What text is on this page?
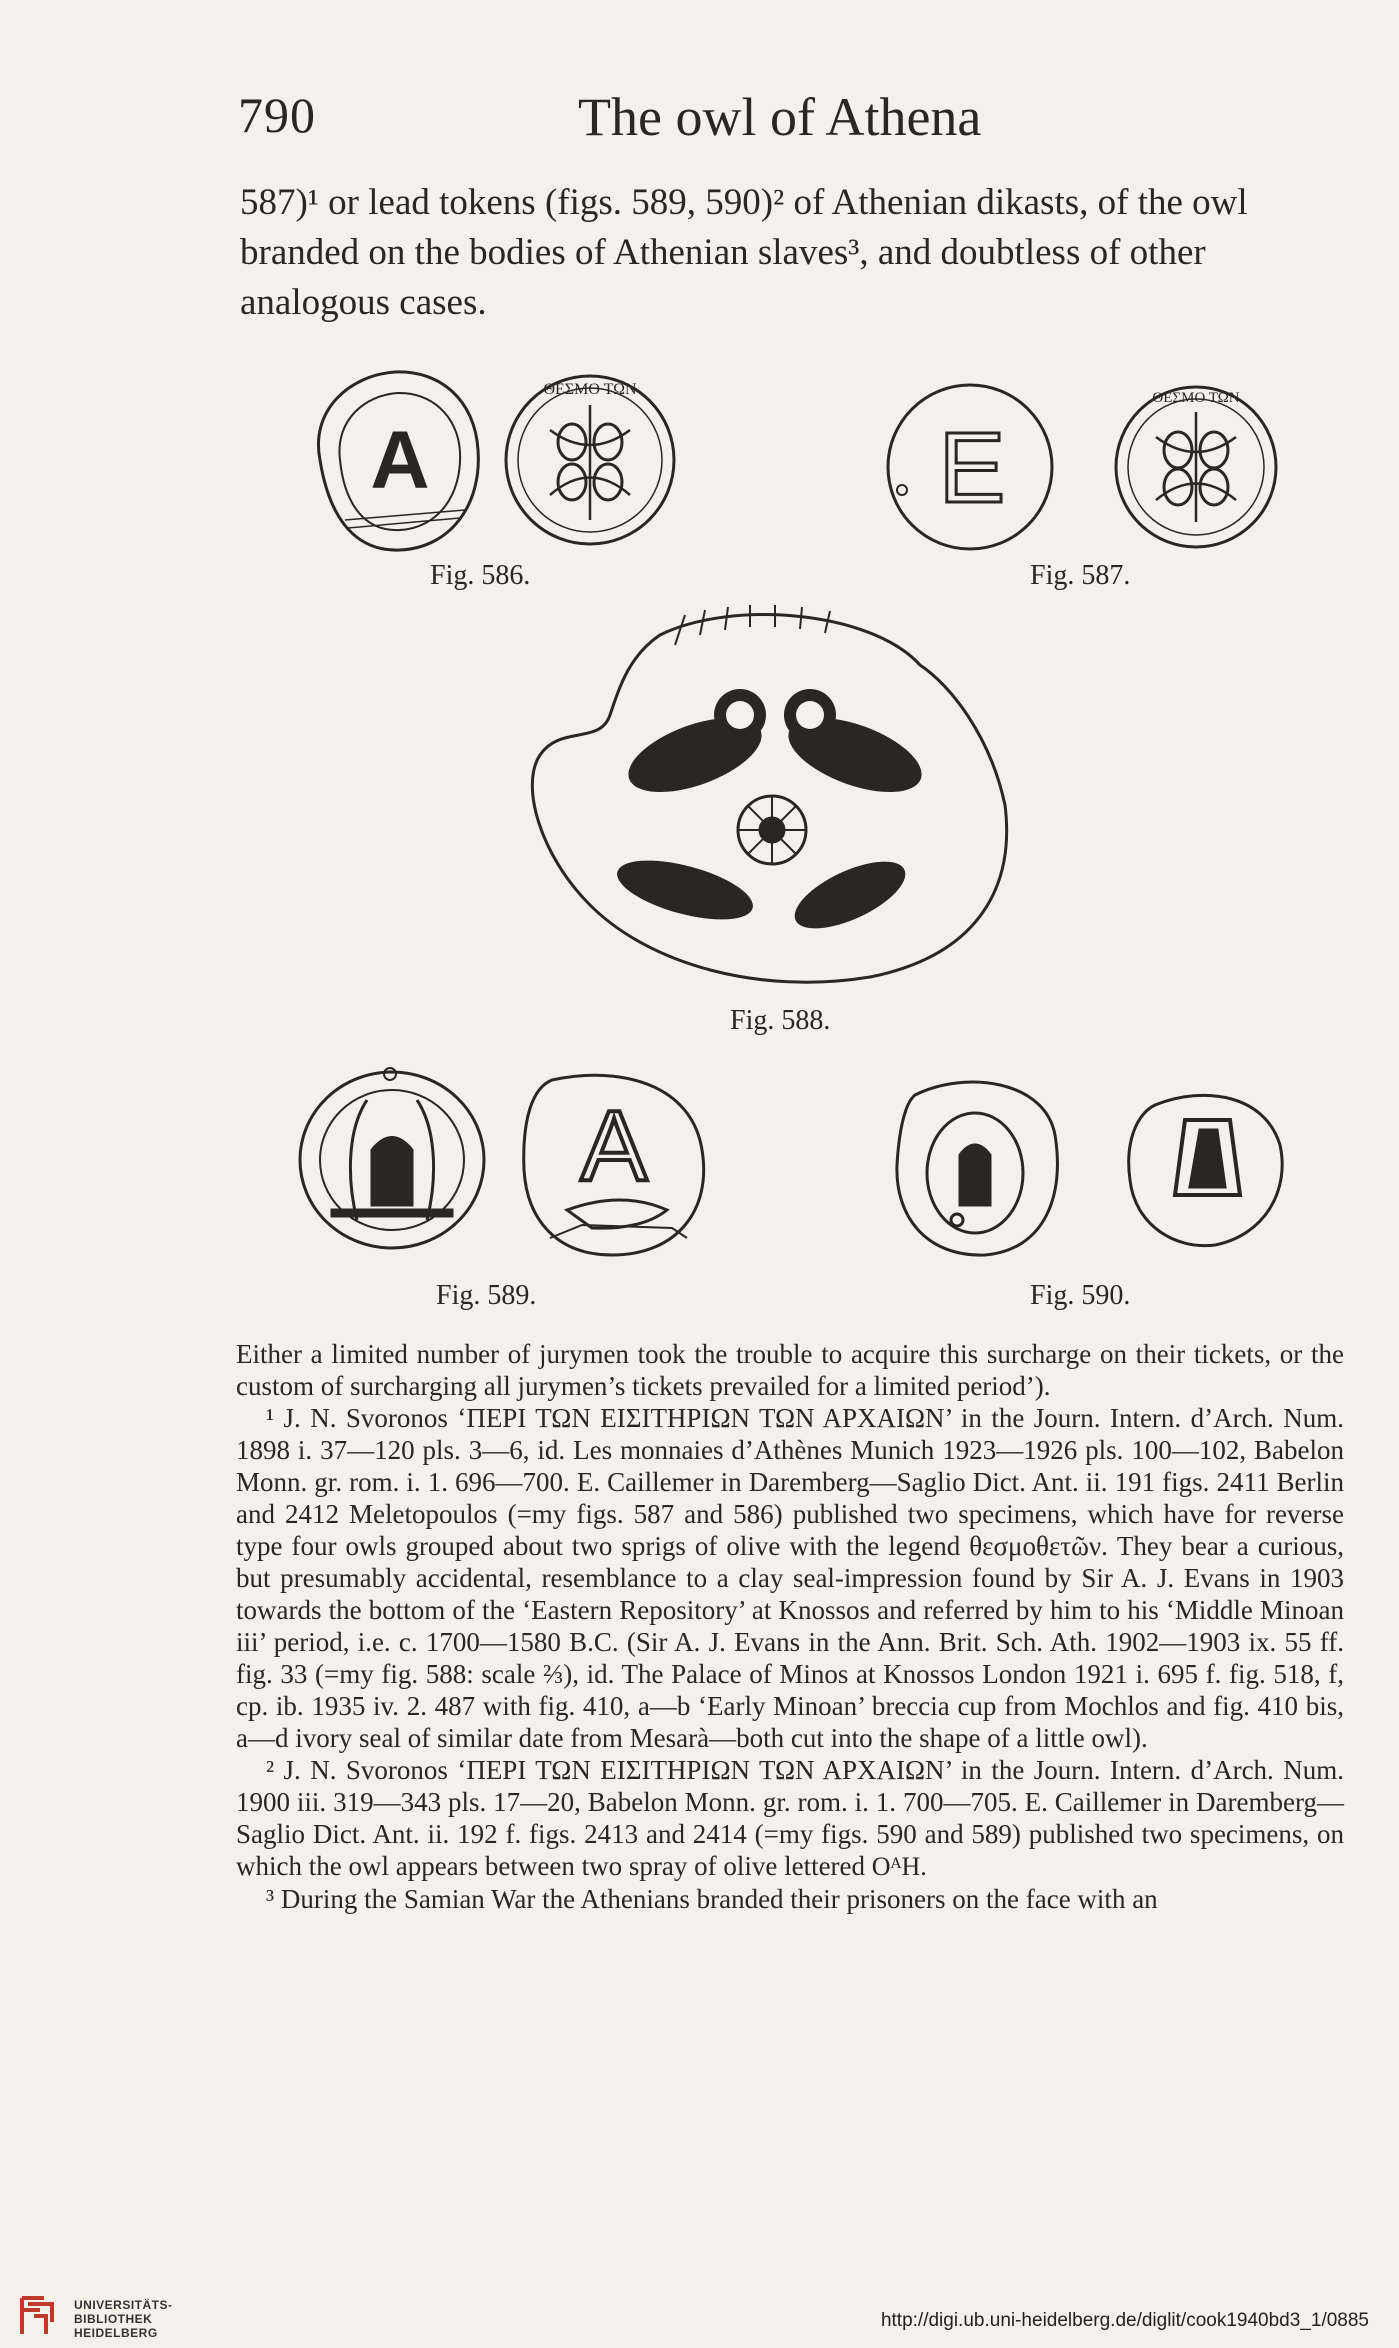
790	The owl of Athena

587)¹ or lead tokens (figs. 589, 590)² of Athenian dikasts, of the owl

branded on the bodies of Athenian slaves³, and doubtless of other

analogous cases.

A
ΘΕΣΜΟ ΤΩΝ
Fig. 586.
E
ΘΕΣΜΟ ΤΩΝ
Fig. 587.
Fig. 588.
A
Fig. 589.	Fig. 590.

Either a limited number of jurymen took the trouble to acquire this surcharge on their tickets, or the custom of surcharging all jurymen’s tickets prevailed for a limited period’).

¹ J. N. Svoronos ‘ΠΕΡΙ ΤΩΝ ΕΙΣΙΤΗΡΙΩΝ ΤΩΝ ΑΡΧΑΙΩΝ’ in the Journ. Intern. d’Arch. Num. 1898 i. 37—120 pls. 3—6, id. Les monnaies d’Athènes Munich 1923—1926 pls. 100—102, Babelon Monn. gr. rom. i. 1. 696—700. E. Caillemer in Daremberg—Saglio Dict. Ant. ii. 191 figs. 2411 Berlin and 2412 Meletopoulos (=my figs. 587 and 586) published two specimens, which have for reverse type four owls grouped about two sprigs of olive with the legend θεσμοθετῶν. They bear a curious, but presumably accidental, resemblance to a clay seal-impression found by Sir A. J. Evans in 1903 towards the bottom of the ‘Eastern Repository’ at Knossos and referred by him to his ‘Middle Minoan iii’ period, i.e. c. 1700—1580 B.C. (Sir A. J. Evans in the Ann. Brit. Sch. Ath. 1902—1903 ix. 55 ff. fig. 33 (=my fig. 588: scale ⅔), id. The Palace of Minos at Knossos London 1921 i. 695 f. fig. 518, f, cp. ib. 1935 iv. 2. 487 with fig. 410, a—b ‘Early Minoan’ breccia cup from Mochlos and fig. 410 bis, a—d ivory seal of similar date from Mesarà—both cut into the shape of a little owl).

² J. N. Svoronos ‘ΠΕΡΙ ΤΩΝ ΕΙΣΙΤΗΡΙΩΝ ΤΩΝ ΑΡΧΑΙΩΝ’ in the Journ. Intern. d’Arch. Num. 1900 iii. 319—343 pls. 17—20, Babelon Monn. gr. rom. i. 1. 700—705. E. Caillemer in Daremberg—Saglio Dict. Ant. ii. 192 f. figs. 2413 and 2414 (=my figs. 590 and 589) published two specimens, on which the owl appears between two spray of olive lettered OᴬH.

³ During the Samian War the Athenians branded their prisoners on the face with an

UNIVERSITÄTS-
BIBLIOTHEK
HEIDELBERG
http://digi.ub.uni-heidelberg.de/diglit/cook1940bd3_1/0885
